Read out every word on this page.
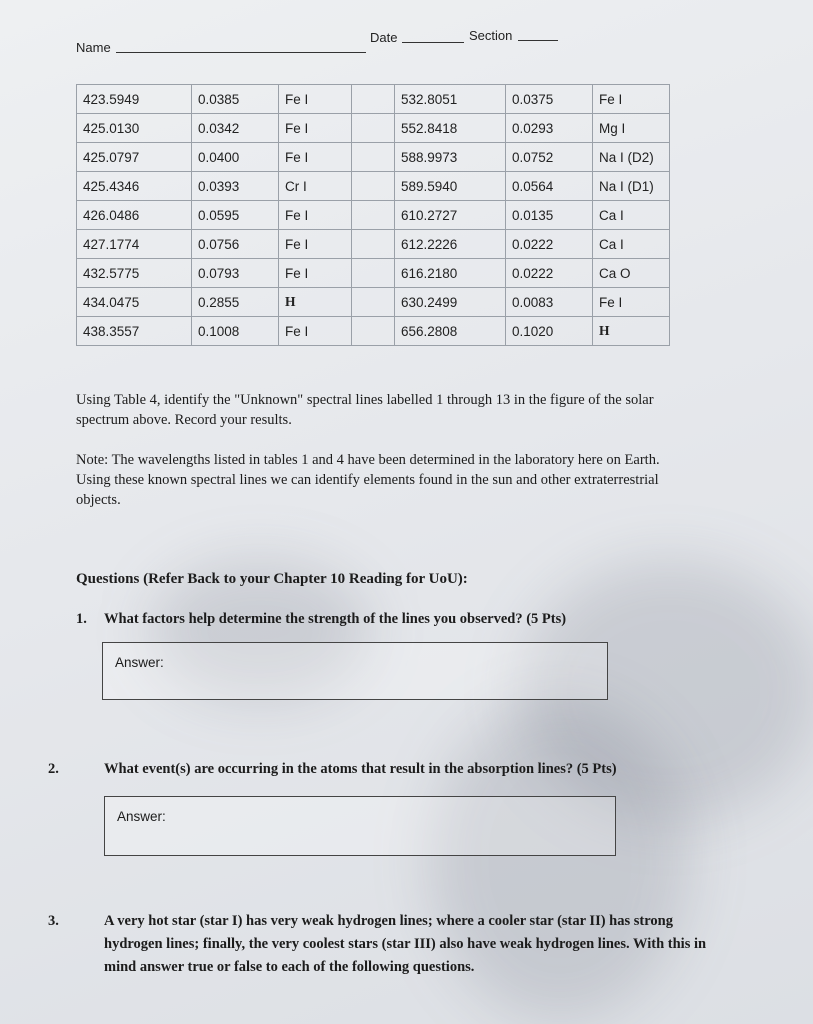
Name
Date	Section
423.5949	0.0385	Fe I		532.8051	0.0375	Fe I
425.0130	0.0342	Fe I		552.8418	0.0293	Mg I
425.0797	0.0400	Fe I		588.9973	0.0752	Na I (D2)
425.4346	0.0393	Cr I		589.5940	0.0564	Na I (D1)
426.0486	0.0595	Fe I		610.2727	0.0135	Ca I
427.1774	0.0756	Fe I		612.2226	0.0222	Ca I
432.5775	0.0793	Fe I		616.2180	0.0222	Ca O
434.0475	0.2855	H		630.2499	0.0083	Fe I
438.3557	0.1008	Fe I		656.2808	0.1020	H
Using Table 4, identify the "Unknown" spectral lines labelled 1 through 13 in the figure of the solar spectrum above. Record your results.
Note: The wavelengths listed in tables 1 and 4 have been determined in the laboratory here on Earth. Using these known spectral lines we can identify elements found in the sun and other extraterrestrial objects.
Questions (Refer Back to your Chapter 10 Reading for UoU):
1. What factors help determine the strength of the lines you observed? (5 Pts)
Answer:
2.	What event(s) are occurring in the atoms that result in the absorption lines? (5 Pts)
Answer:
3.	A very hot star (star I) has very weak hydrogen lines; where a cooler star (star II) has strong hydrogen lines; finally, the very coolest stars (star III) also have weak hydrogen lines. With this in mind answer true or false to each of the following questions.
